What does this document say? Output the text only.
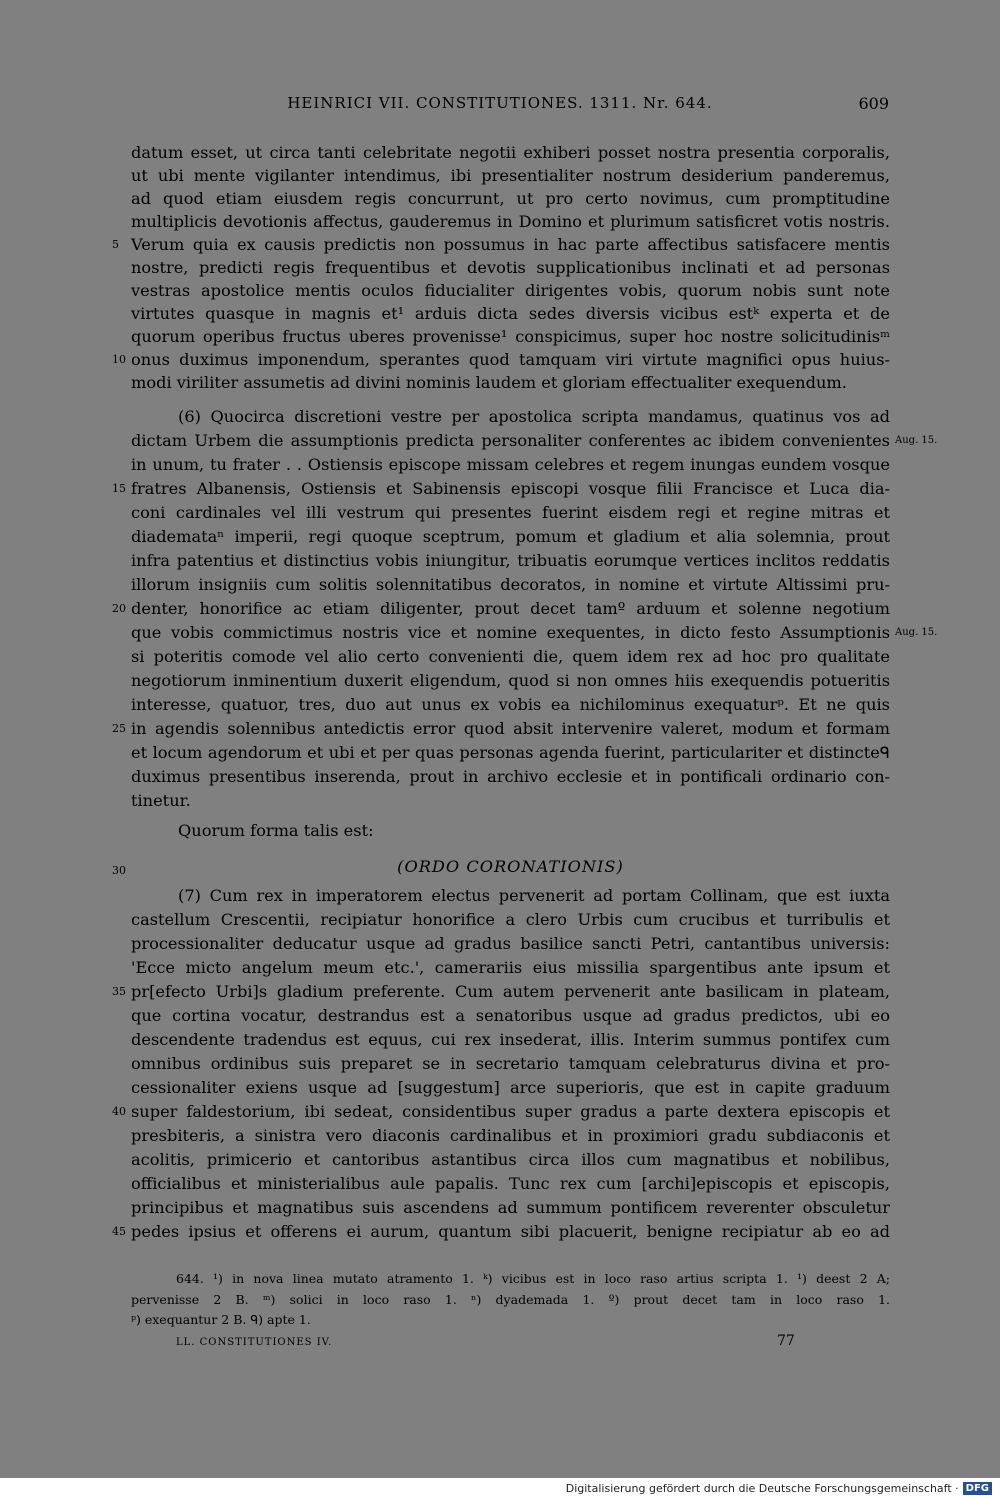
HEINRICI VII. CONSTITUTIONES. 1311. Nr. 644.	609
datum esset, ut circa tanti celebritate negotii exhiberi posset nostra presentia corporalis,
ut ubi mente vigilanter intendimus, ibi presentialiter nostrum desiderium panderemus,
ad quod etiam eiusdem regis concurrunt, ut pro certo novimus, cum promptitudine
multiplicis devotionis affectus, gauderemus in Domino et plurimum satisficret votis nostris.
Verum quia ex causis predictis non possumus in hac parte affectibus satisfacere mentis
nostre, predicti regis frequentibus et devotis supplicationibus inclinati et ad personas
vestras apostolice mentis oculos fiducialiter dirigentes vobis, quorum nobis sunt note
virtutes quasque in magnis et¹ arduis dicta sedes diversis vicibus estᵏ experta et de
quorum operibus fructus uberes provenisse¹ conspicimus, super hoc nostre solicitudinisᵐ
onus duximus imponendum, sperantes quod tamquam viri virtute magnifici opus huius-
modi viriliter assumetis ad divini nominis laudem et gloriam effectualiter exequendum.
(6) Quocirca discretioni vestre per apostolica scripta mandamus, quatinus vos ad
dictam Urbem die assumptionis predicta personaliter conferentes ac ibidem convenientes
in unum, tu frater . . Ostiensis episcope missam celebres et regem inungas eundem vosque
fratres Albanensis, Ostiensis et Sabinensis episcopi vosque filii Francisce et Luca dia-
coni cardinales vel illi vestrum qui presentes fuerint eisdem regi et regine mitras et
diademataⁿ imperii, regi quoque sceptrum, pomum et gladium et alia solemnia, prout
infra patentius et distinctius vobis iniungitur, tribuatis eorumque vertices inclitos reddatis
illorum insigniis cum solitis solennitatibus decoratos, in nomine et virtute Altissimi pru-
denter, honorifice ac etiam diligenter, prout decet tamº arduum et solenne negotium
que vobis commictimus nostris vice et nomine exequentes, in dicto festo Assumptionis
si poteritis comode vel alio certo convenienti die, quem idem rex ad hoc pro qualitate
negotiorum inminentium duxerit eligendum, quod si non omnes hiis exequendis potueritis
interesse, quatuor, tres, duo aut unus ex vobis ea nichilominus exequaturᵖ. Et ne quis
in agendis solennibus antedictis error quod absit intervenire valeret, modum et formam
et locum agendorum et ubi et per quas personas agenda fuerint, particulariter et distincteᑫ
duximus presentibus inserenda, prout in archivo ecclesie et in pontificali ordinario con-
tinetur.
Quorum forma talis est:
(ORDO CORONATIONIS)
(7) Cum rex in imperatorem electus pervenerit ad portam Collinam, que est iuxta
castellum Crescentii, recipiatur honorifice a clero Urbis cum crucibus et turribulis et
processionaliter deducatur usque ad gradus basilice sancti Petri, cantantibus universis:
'Ecce micto angelum meum etc.', camerariis eius missilia spargentibus ante ipsum et
pr[efecto Urbi]s gladium preferente. Cum autem pervenerit ante basilicam in plateam,
que cortina vocatur, destrandus est a senatoribus usque ad gradus predictos, ubi eo
descendente tradendus est equus, cui rex insederat, illis. Interim summus pontifex cum
omnibus ordinibus suis preparet se in secretario tamquam celebraturus divina et pro-
cessionaliter exiens usque ad [suggestum] arce superioris, que est in capite graduum
super faldestorium, ibi sedeat, considentibus super gradus a parte dextera episcopis et
presbiteris, a sinistra vero diaconis cardinalibus et in proximiori gradu subdiaconis et
acolitis, primicerio et cantoribus astantibus circa illos cum magnatibus et nobilibus,
officialibus et ministerialibus aule papalis. Tunc rex cum [archi]episcopis et episcopis,
principibus et magnatibus suis ascendens ad summum pontificem reverenter obsculetur
pedes ipsius et offerens ei aurum, quantum sibi placuerit, benigne recipiatur ab eo ad
5
10
15
20
25
30
35
40
45
Aug. 15.
Aug. 15.
644. ¹) in nova linea mutato atramento 1. ᵏ) vicibus est in loco raso artius scripta 1. ¹) deest 2 A;
pervenisse 2 B. ᵐ) solici in loco raso 1. ⁿ) dyademada 1. º) prout decet tam in loco raso 1.
ᵖ) exequantur 2 B. ᑫ) apte 1.
LL. CONSTITUTIONES IV.	77
Digitalisierung gefördert durch die Deutsche Forschungsgemeinschaft · DFG
